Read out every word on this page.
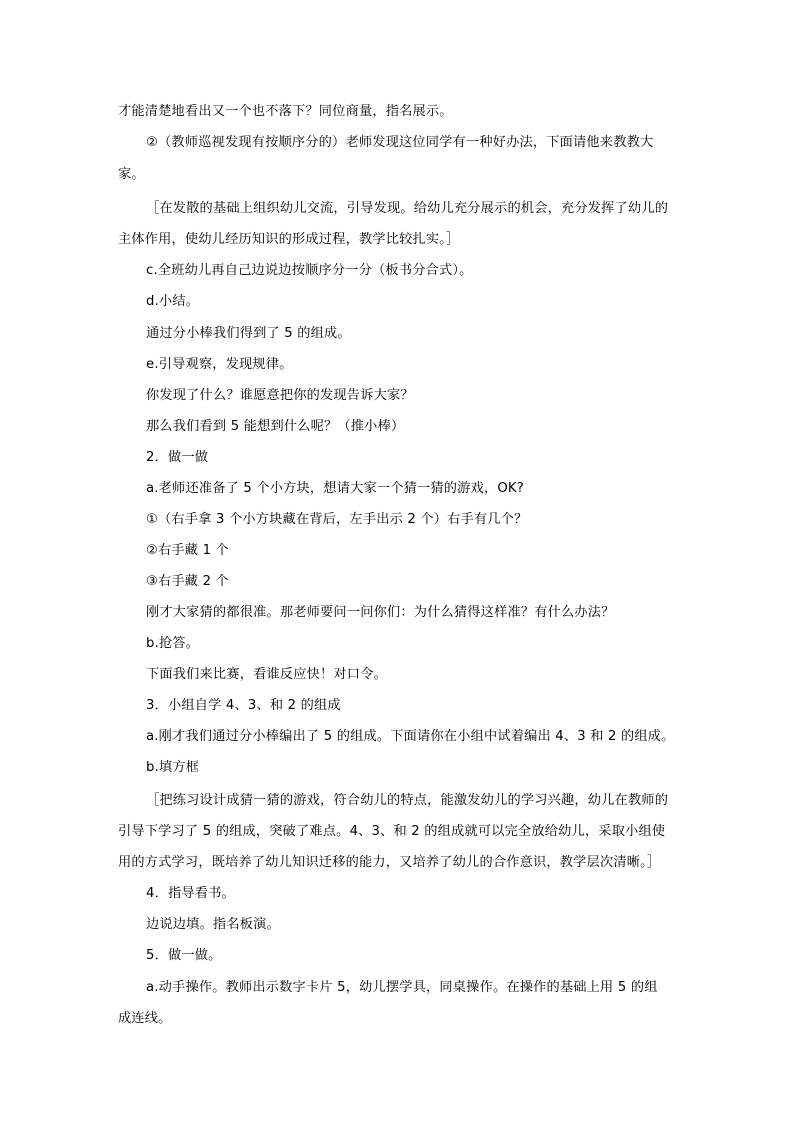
才能清楚地看出又一个也不落下？同位商量，指名展示。
②（教师巡视发现有按顺序分的）老师发现这位同学有一种好办法，下面请他来教教大
家。
［在发散的基础上组织幼儿交流，引导发现。给幼儿充分展示的机会，充分发挥了幼儿的
主体作用，使幼儿经历知识的形成过程，教学比较扎实。］
c.全班幼儿再自己边说边按顺序分一分（板书分合式）。
d.小结。
通过分小棒我们得到了 5 的组成。
e.引导观察，发现规律。
你发现了什么？谁愿意把你的发现告诉大家？
那么我们看到 5 能想到什么呢？（推小棒）
2．做一做
a.老师还准备了 5 个小方块，想请大家一个猜一猜的游戏，OK?
①（右手拿 3 个小方块藏在背后，左手出示 2 个）右手有几个？
②右手藏 1 个
③右手藏 2 个
刚才大家猜的都很准。那老师要问一问你们：为什么猜得这样准？有什么办法？
b.抢答。
下面我们来比赛，看谁反应快！对口令。
3．小组自学 4、3、和 2 的组成
a.刚才我们通过分小棒编出了 5 的组成。下面请你在小组中试着编出 4、3 和 2 的组成。
b.填方框
［把练习设计成猜一猜的游戏，符合幼儿的特点，能激发幼儿的学习兴趣，幼儿在教师的
引导下学习了 5 的组成，突破了难点。4、3、和 2 的组成就可以完全放给幼儿，采取小组使
用的方式学习，既培养了幼儿知识迁移的能力，又培养了幼儿的合作意识，教学层次清晰。］
4．指导看书。
边说边填。指名板演。
5．做一做。
a.动手操作。教师出示数字卡片 5，幼儿摆学具，同桌操作。在操作的基础上用 5 的组
成连线。
